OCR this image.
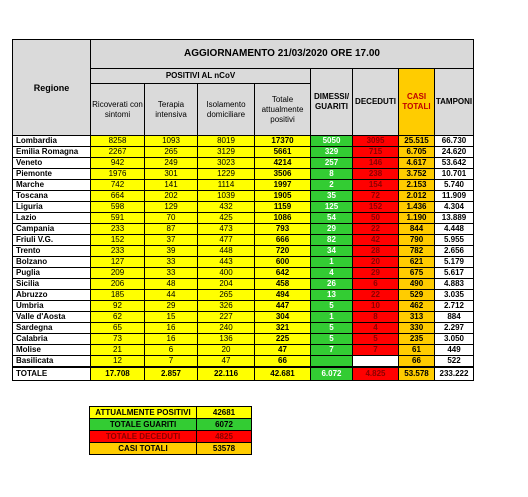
Regione	AGGIORNAMENTO 21/03/2020 ORE 17.00							
	POSITIVI AL nCoV				DIMESSI/ GUARITI	DECEDUTI	CASI TOTALI	TAMPONI
	Ricoverati con sintomi	Terapia intensiva	Isolamento domiciliare	Totale attualmente positivi				
Lombardia	8258	1093	8019	17370	5050	3095	25.515	66.730
Emilia Romagna	2267	265	3129	5661	329	715	6.705	24.620
Veneto	942	249	3023	4214	257	146	4.617	53.642
Piemonte	1976	301	1229	3506	8	238	3.752	10.701
Marche	742	141	1114	1997	2	154	2.153	5.740
Toscana	664	202	1039	1905	35	72	2.012	11.909
Liguria	598	129	432	1159	125	152	1.436	4.304
Lazio	591	70	425	1086	54	50	1.190	13.889
Campania	233	87	473	793	29	22	844	4.448
Friuli V.G.	152	37	477	666	82	42	790	5.955
Trento	233	39	448	720	34	28	782	2.656
Bolzano	127	33	443	600	1	20	621	5.179
Puglia	209	33	400	642	4	29	675	5.617
Sicilia	206	48	204	458	26	6	490	4.883
Abruzzo	185	44	265	494	13	22	529	3.035
Umbria	92	29	326	447	5	10	462	2.712
Valle d'Aosta	62	15	227	304	1	8	313	884
Sardegna	65	16	240	321	5	4	330	2.297
Calabria	73	16	136	225	5	5	235	3.050
Molise	21	6	20	47	7	7	61	449
Basilicata	12	7	47	66			66	522
TOTALE	17.708	2.857	22.116	42.681	6.072	4.825	53.578	233.222
ATTUALMENTE POSITIVI	42681
TOTALE GUARITI	6072
TOTALE DECEDUTI	4825
CASI TOTALI	53578
